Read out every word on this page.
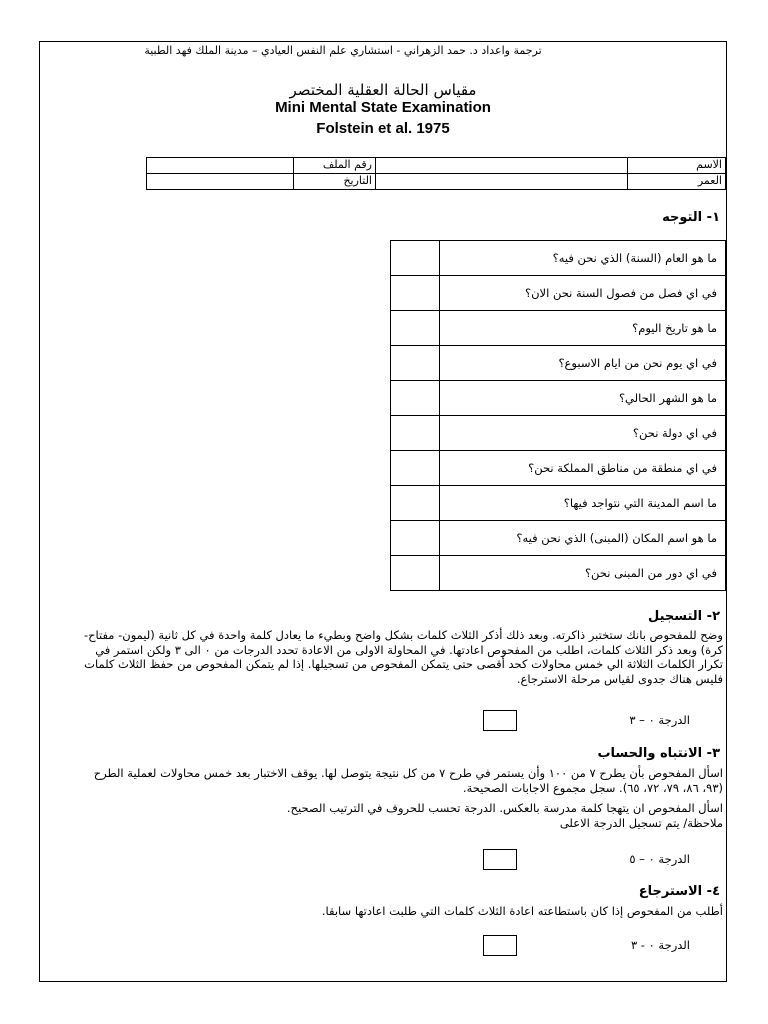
ترجمة واعداد د. حمد الزهراني - استشاري علم النفس العيادي – مدينة الملك فهد الطبية
مقياس الحالة العقلية المختصر
Mini Mental State Examination
Folstein et al. 1975
الاسم		رقم الملف	
العمر		التاريخ	
١- التوجه
ما هو العام (السنة) الذي نحن فيه؟	
في اي فصل من فصول السنة نحن الان؟	
ما هو تاريخ اليوم؟	
في اي يوم نحن من ايام الاسبوع؟	
ما هو الشهر الحالي؟	
في اي دولة نحن؟	
في اي منطقة من مناطق المملكة نحن؟	
ما اسم المدينة التي نتواجد فيها؟	
ما هو اسم المكان (المبنى) الذي نحن فيه؟	
في اي دور من المبنى نحن؟	
٢- التسجيل
وضح للمفحوص بانك ستختبر ذاكرته. وبعد ذلك أذكر الثلاث كلمات بشكل واضح وبطيء ما يعادل كلمة واحدة في كل ثانية (ليمون- مفتاح- كرة) وبعد ذكر الثلاث كلمات، اطلب من المفحوص اعادتها. في المحاولة الاولى من الاعادة تحدد الدرجات من ٠ الى ٣ ولكن استمر في تكرار الكلمات الثلاثة الي خمس محاولات كحد أقصى حتى يتمكن المفحوص من تسجيلها. إذا لم يتمكن المفحوص من حفظ الثلاث كلمات فليس هناك جدوى لقياس مرحلة الاسترجاع.
الدرجة ٠ – ٣
٣- الانتباه والحساب
اسأل المفحوص بأن يطرح ٧ من ١٠٠ وأن يستمر في طرح ٧ من كل نتيجة يتوصل لها. يوقف الاختبار بعد خمس محاولات لعملية الطرح (٩٣، ٨٦، ٧٩، ٧٢، ٦٥). سجل مجموع الاجابات الصحيحة.
اسأل المفحوص ان يتهجا كلمة مدرسة بالعكس. الدرجة تحسب للحروف في الترتيب الصحيح.
ملاحظة/ يتم تسجيل الدرجة الاعلى
الدرجة ٠ – ٥
٤- الاسترجاع
أطلب من المفحوص إذا كان باستطاعته اعادة الثلاث كلمات التي طلبت اعادتها سابقا.
الدرجة ٠ - ٣
